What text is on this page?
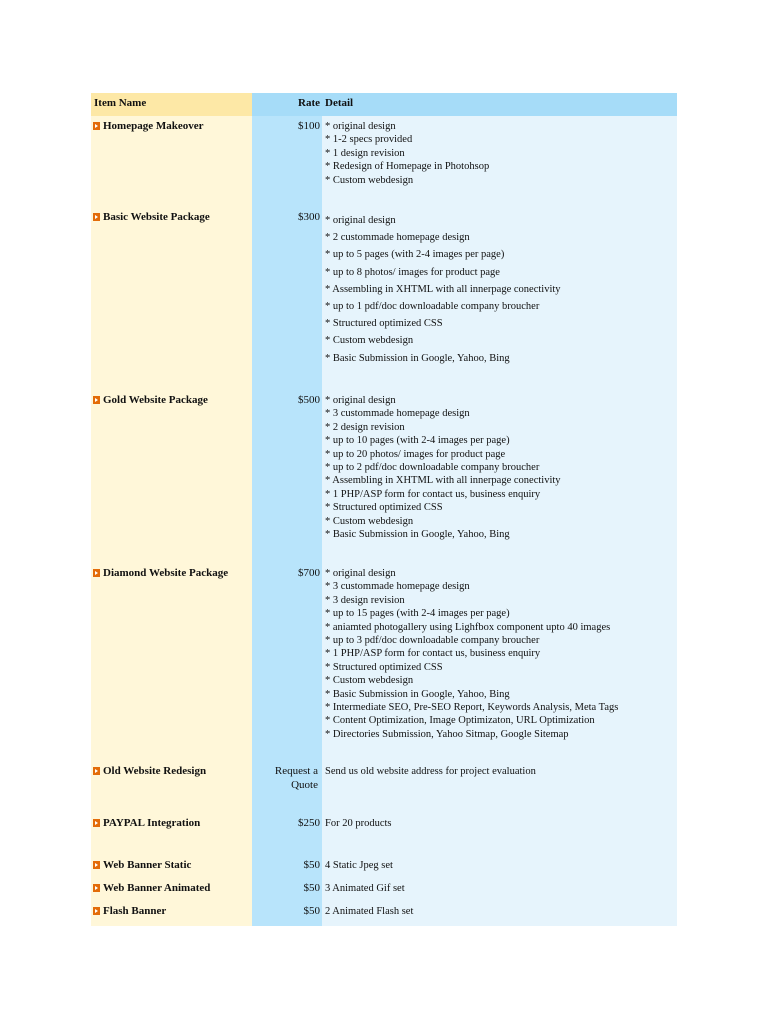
Item Name	Rate Detail
Homepage Makeover	$100 * original design
* 1-2 specs provided
* 1 design revision
* Redesign of Homepage in Photohsop
* Custom webdesign
Basic Website Package	$300 * original design
* 2 custommade homepage design
* up to 5 pages (with 2-4 images per page)
* up to 8 photos/ images for product page
* Assembling in XHTML with all innerpage conectivity
* up to 1 pdf/doc downloadable company broucher
* Structured optimized CSS
* Custom webdesign
* Basic Submission in Google, Yahoo, Bing
Gold Website Package	$500 * original design
* 3 custommade homepage design
* 2 design revision
* up to 10 pages (with 2-4 images per page)
* up to 20 photos/ images for product page
* up to 2 pdf/doc downloadable company broucher
* Assembling in XHTML with all innerpage conectivity
* 1 PHP/ASP form for contact us, business enquiry
* Structured optimized CSS
* Custom webdesign
* Basic Submission in Google, Yahoo, Bing
Diamond Website Package	$700 * original design
* 3 custommade homepage design
* 3 design revision
* up to 15 pages (with 2-4 images per page)
* aniamted photogallery using Lighfbox component upto 40 images
* up to 3 pdf/doc downloadable company broucher
* 1 PHP/ASP form for contact us, business enquiry
* Structured optimized CSS
* Custom webdesign
* Basic Submission in Google, Yahoo, Bing
* Intermediate SEO, Pre-SEO Report, Keywords Analysis, Meta Tags
* Content Optimization, Image Optimizaton, URL Optimization
* Directories Submission, Yahoo Sitmap, Google Sitemap
Old Website Redesign	Request a Quote
Send us old website address for project evaluation
PAYPAL Integration	$250 For 20 products
Web Banner Static	$50 4 Static Jpeg set
Web Banner Animated	$50 3 Animated Gif set
Flash Banner	$50 2 Animated Flash set
